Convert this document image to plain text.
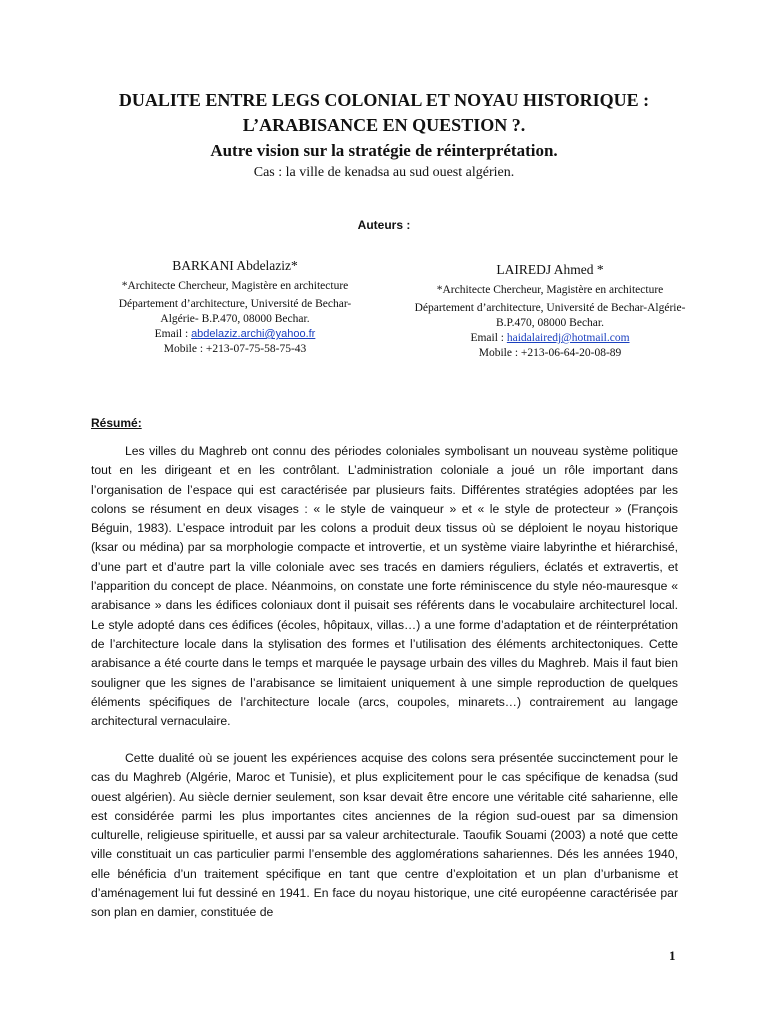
DUALITE ENTRE LEGS COLONIAL ET NOYAU HISTORIQUE :
L’ARABISANCE EN QUESTION ?.
Autre vision sur la stratégie de réinterprétation.
Cas : la ville de kenadsa au sud ouest algérien.
Auteurs :
BARKANI Abdelaziz*
*Architecte Chercheur, Magistère en architecture
Département d’architecture, Université de Bechar-Algérie- B.P.470, 08000 Bechar.
Email : abdelaziz.archi@yahoo.fr
Mobile : +213-07-75-58-75-43
LAIREDJ Ahmed *
*Architecte Chercheur, Magistère en architecture
Département d’architecture, Université de Bechar-Algérie- B.P.470, 08000 Bechar.
Email : haidalairedj@hotmail.com
Mobile : +213-06-64-20-08-89
Résumé:
Les villes du Maghreb ont connu des périodes coloniales symbolisant un nouveau système politique tout en les dirigeant et en les contrôlant. L’administration coloniale a joué un rôle important dans l’organisation de l’espace qui est caractérisée par plusieurs faits. Différentes stratégies adoptées par les colons se résument en deux visages : « le style de vainqueur » et « le style de protecteur » (François Béguin, 1983). L’espace introduit par les colons a produit deux tissus où se déploient le noyau historique (ksar ou médina) par sa morphologie compacte et introvertie, et un système viaire labyrinthe et hiérarchisé, d’une part et d’autre part la ville coloniale avec ses tracés en damiers réguliers, éclatés et extravertis, et l’apparition du concept de place. Néanmoins, on constate une forte réminiscence du style néo-mauresque « arabisance » dans les édifices coloniaux dont il puisait ses référents dans le vocabulaire architecturel local. Le style adopté dans ces édifices (écoles, hôpitaux, villas…) a une forme d’adaptation et de réinterprétation de l’architecture locale dans la stylisation des formes et l’utilisation des éléments architectoniques. Cette arabisance a été courte dans le temps et marquée le paysage urbain des villes du Maghreb. Mais il faut bien souligner que les signes de l’arabisance se limitaient uniquement à une simple reproduction de quelques éléments spécifiques de l’architecture locale (arcs, coupoles, minarets…) contrairement au langage architectural vernaculaire.
Cette dualité où se jouent les expériences acquise des colons sera présentée succinctement pour le cas du Maghreb (Algérie, Maroc et Tunisie), et plus explicitement pour le cas spécifique de kenadsa (sud ouest algérien). Au siècle dernier seulement, son ksar devait être encore une véritable cité saharienne, elle est considérée parmi les plus importantes cites anciennes de la région sud-ouest par sa dimension culturelle, religieuse spirituelle, et aussi par sa valeur architecturale. Taoufik Souami (2003) a noté que cette ville constituait un cas particulier parmi l’ensemble des agglomérations sahariennes. Dés les années 1940, elle bénéficia d’un traitement spécifique en tant que centre d’exploitation et un plan d’urbanisme et d’aménagement lui fut dessiné en 1941. En face du noyau historique, une cité européenne caractérisée par son plan en damier, constituée de
1
